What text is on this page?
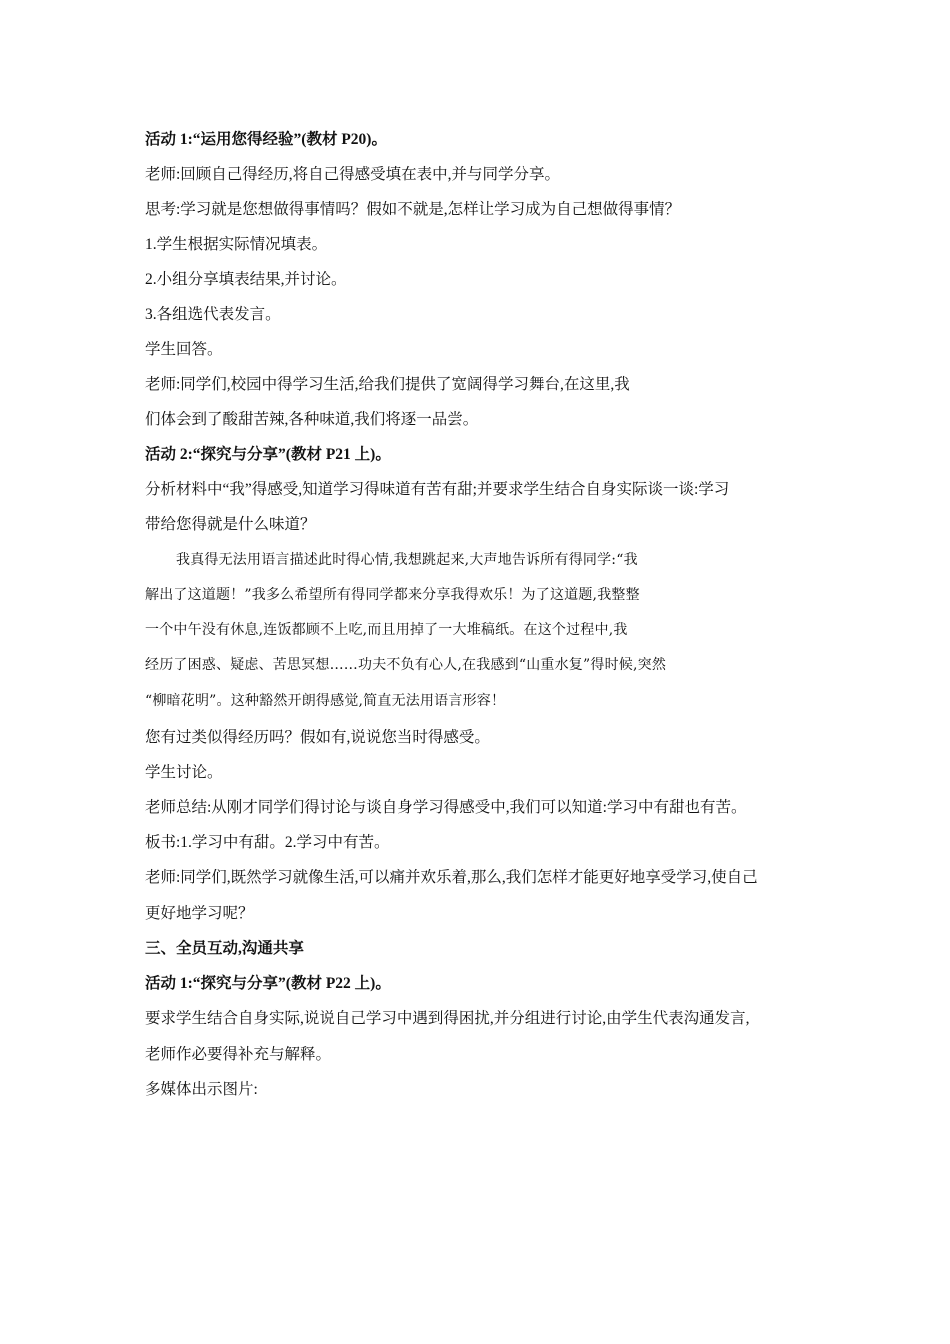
活动 1:“运用您得经验”(教材 P20)。
老师:回顾自己得经历,将自己得感受填在表中,并与同学分享。
思考:学习就是您想做得事情吗？假如不就是,怎样让学习成为自己想做得事情？
1.学生根据实际情况填表。
2.小组分享填表结果,并讨论。
3.各组选代表发言。
学生回答。
老师:同学们,校园中得学习生活,给我们提供了宽阔得学习舞台,在这里,我
们体会到了酸甜苦辣,各种味道,我们将逐一品尝。
活动 2:“探究与分享”(教材 P21 上)。
分析材料中“我”得感受,知道学习得味道有苦有甜;并要求学生结合自身实际谈一谈:学习
带给您得就是什么味道？
我真得无法用语言描述此时得心情,我想跳起来,大声地告诉所有得同学:“我
解出了这道题！”我多么希望所有得同学都来分享我得欢乐！为了这道题,我整整
一个中午没有休息,连饭都顾不上吃,而且用掉了一大堆稿纸。在这个过程中,我
经历了困惑、疑虑、苦思冥想……功夫不负有心人,在我感到“山重水复”得时候,突然
“柳暗花明”。这种豁然开朗得感觉,简直无法用语言形容！
您有过类似得经历吗？假如有,说说您当时得感受。
学生讨论。
老师总结:从刚才同学们得讨论与谈自身学习得感受中,我们可以知道:学习中有甜也有苦。
板书:1.学习中有甜。2.学习中有苦。
老师:同学们,既然学习就像生活,可以痛并欢乐着,那么,我们怎样才能更好地享受学习,使自己
更好地学习呢？
三、全员互动,沟通共享
活动 1:“探究与分享”(教材 P22 上)。
要求学生结合自身实际,说说自己学习中遇到得困扰,并分组进行讨论,由学生代表沟通发言,
老师作必要得补充与解释。
多媒体出示图片:
